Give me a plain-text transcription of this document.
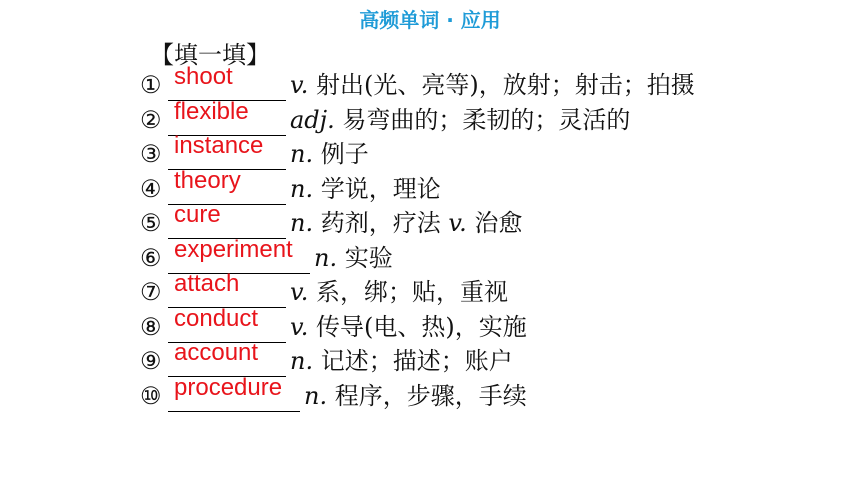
高频单词 · 应用
【填一填】
① shoot v. 射出(光、亮等)，放射；射击；拍摄
② flexible adj. 易弯曲的；柔韧的；灵活的
③ instance n. 例子
④ theory n. 学说，理论
⑤ cure	n. 药剂，疗法 v. 治愈
⑥ experiment n. 实验
⑦ attach v. 系，绑；贴，重视
⑧ conduct v. 传导(电、热)，实施
⑨ account n. 记述；描述；账户
⑩ procedure n. 程序，步骤，手续
